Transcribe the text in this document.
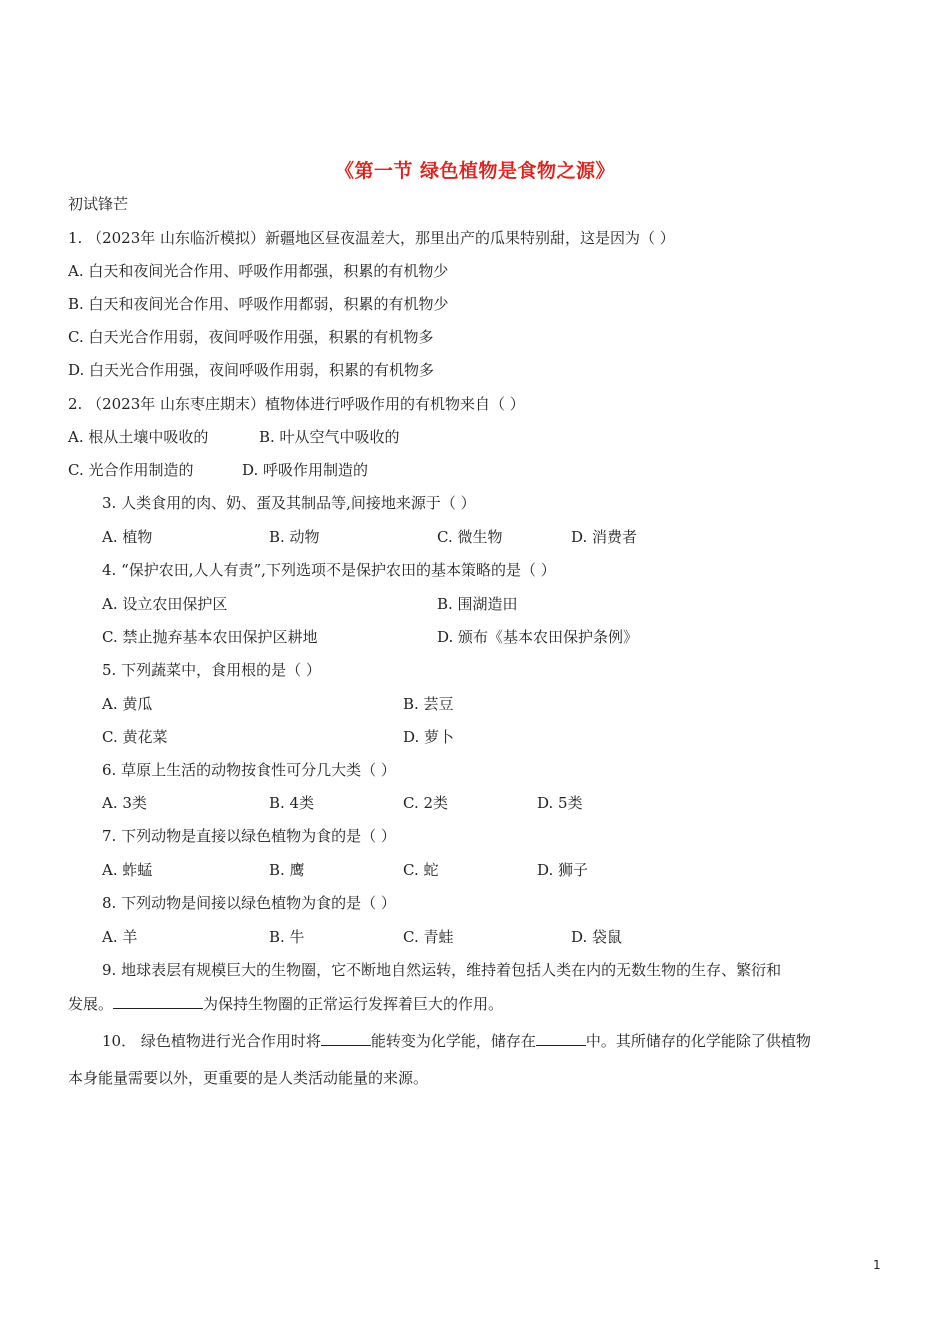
《第一节 绿色植物是食物之源》
初试锋芒
1. （2023年 山东临沂模拟）新疆地区昼夜温差大，那里出产的瓜果特别甜，这是因为（ ）
A. 白天和夜间光合作用、呼吸作用都强，积累的有机物少
B. 白天和夜间光合作用、呼吸作用都弱，积累的有机物少
C. 白天光合作用弱，夜间呼吸作用强，积累的有机物多
D. 白天光合作用强，夜间呼吸作用弱，积累的有机物多
2. （2023年 山东枣庄期末）植物体进行呼吸作用的有机物来自（ ）
A. 根从土壤中吸收的	B. 叶从空气中吸收的
C. 光合作用制造的	D. 呼吸作用制造的
3. 人类食用的肉、奶、蛋及其制品等,间接地来源于（ ）
A. 植物	B. 动物	C. 微生物	D. 消费者
4. “保护农田,人人有责”,下列选项不是保护农田的基本策略的是（ ）
A. 设立农田保护区	B. 围湖造田
C. 禁止抛弃基本农田保护区耕地	D. 颁布《基本农田保护条例》
5. 下列蔬菜中，食用根的是（ ）
A. 黄瓜	B. 芸豆
C. 黄花菜	D. 萝卜
6. 草原上生活的动物按食性可分几大类（ ）
A. 3类	B. 4类	C. 2类	D. 5类
7. 下列动物是直接以绿色植物为食的是（ ）
A. 蚱蜢	B. 鹰	C. 蛇	D. 狮子
8. 下列动物是间接以绿色植物为食的是（ ）
A. 羊	B. 牛	C. 青蛙	D. 袋鼠
9. 地球表层有规模巨大的生物圈，它不断地自然运转，维持着包括人类在内的无数生物的生存、繁衍和
发展。	为保持生物圈的正常运行发挥着巨大的作用。
10． 绿色植物进行光合作用时将	能转变为化学能，储存在	中。其所储存的化学能除了供植物
本身能量需要以外，更重要的是人类活动能量的来源。
1
